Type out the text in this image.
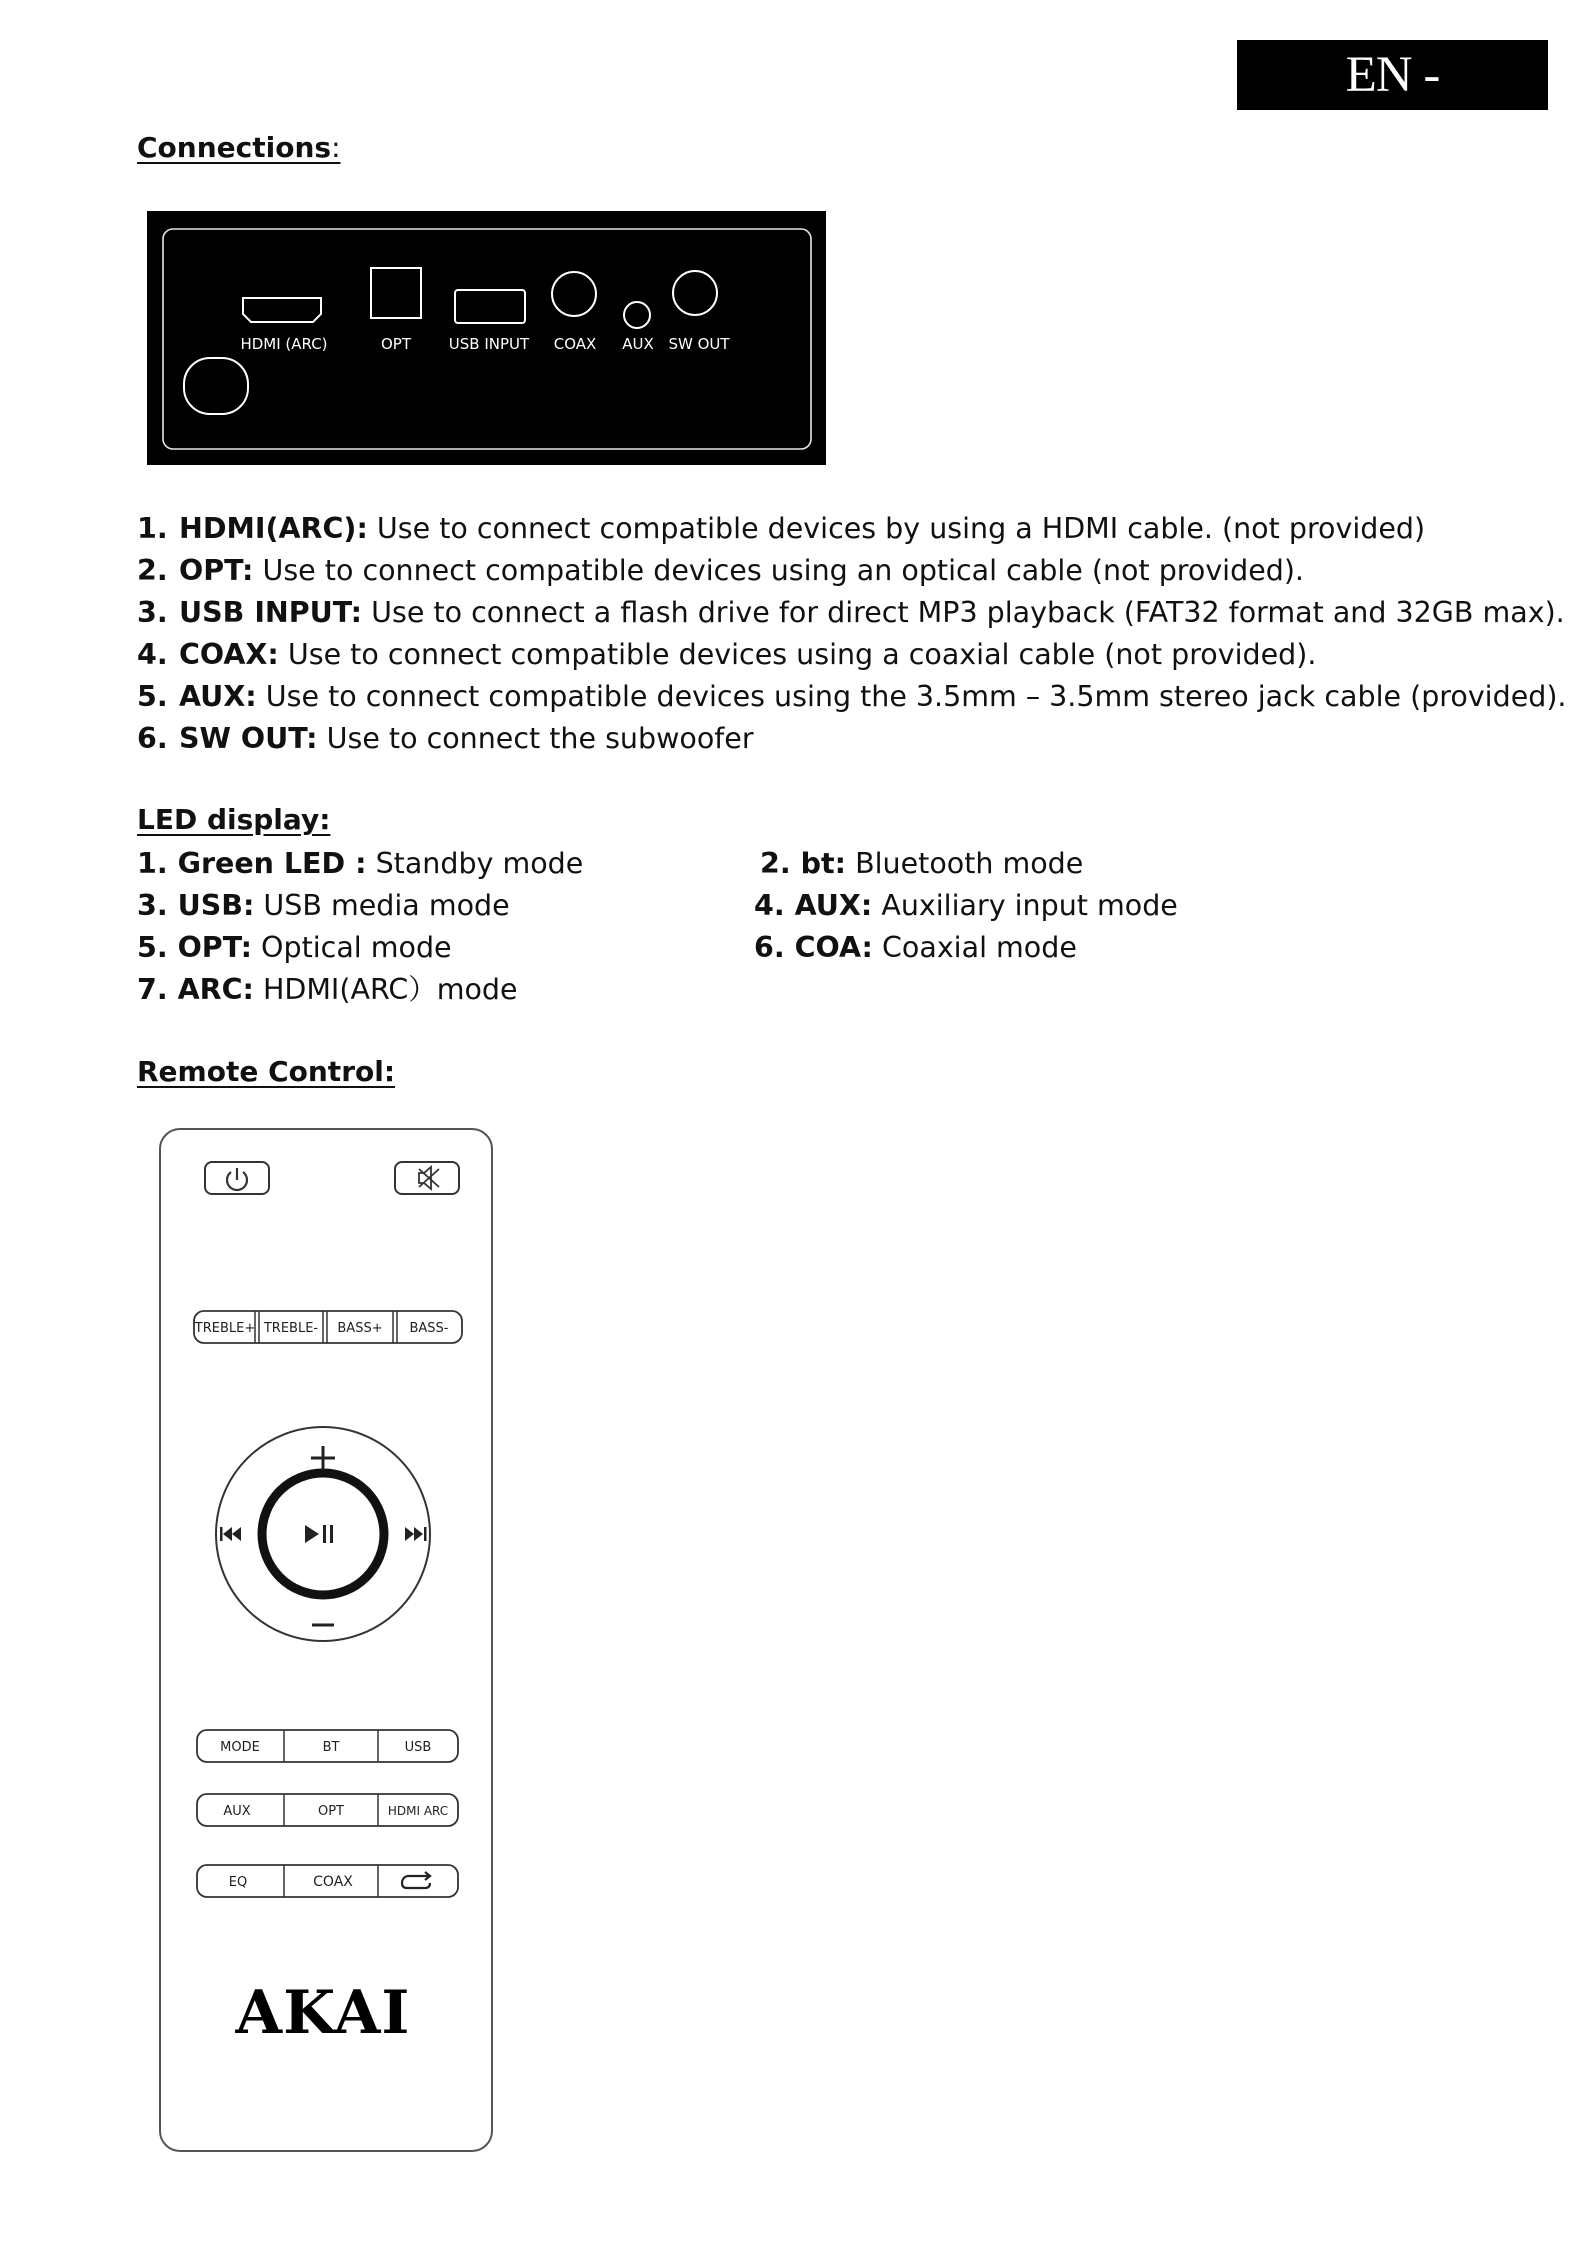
EN - ENGLISH
Connections:
HDMI (ARC)	OPT	USB INPUT COAX AUX SW OUT
1. HDMI(ARC): Use to connect compatible devices by using a HDMI cable. (not provided)
2. OPT: Use to connect compatible devices using an optical cable (not provided).
3. USB INPUT: Use to connect a flash drive for direct MP3 playback (FAT32 format and 32GB max).
4. COAX: Use to connect compatible devices using a coaxial cable (not provided).
5. AUX: Use to connect compatible devices using the 3.5mm – 3.5mm stereo jack cable (provided).
6. SW OUT: Use to connect the subwoofer
LED display:
1. Green LED : Standby mode	2. bt: Bluetooth mode
3. USB: USB media mode	4. AUX: Auxiliary input mode
5. OPT: Optical mode	6. COA: Coaxial mode
7. ARC: HDMI(ARC）mode
Remote Control:
TREBLE+ TREBLE- BASS+ BASS-
MODE	BT	USB
AUX	OPT	HDMI ARC
EQ	COAX
AKAI
